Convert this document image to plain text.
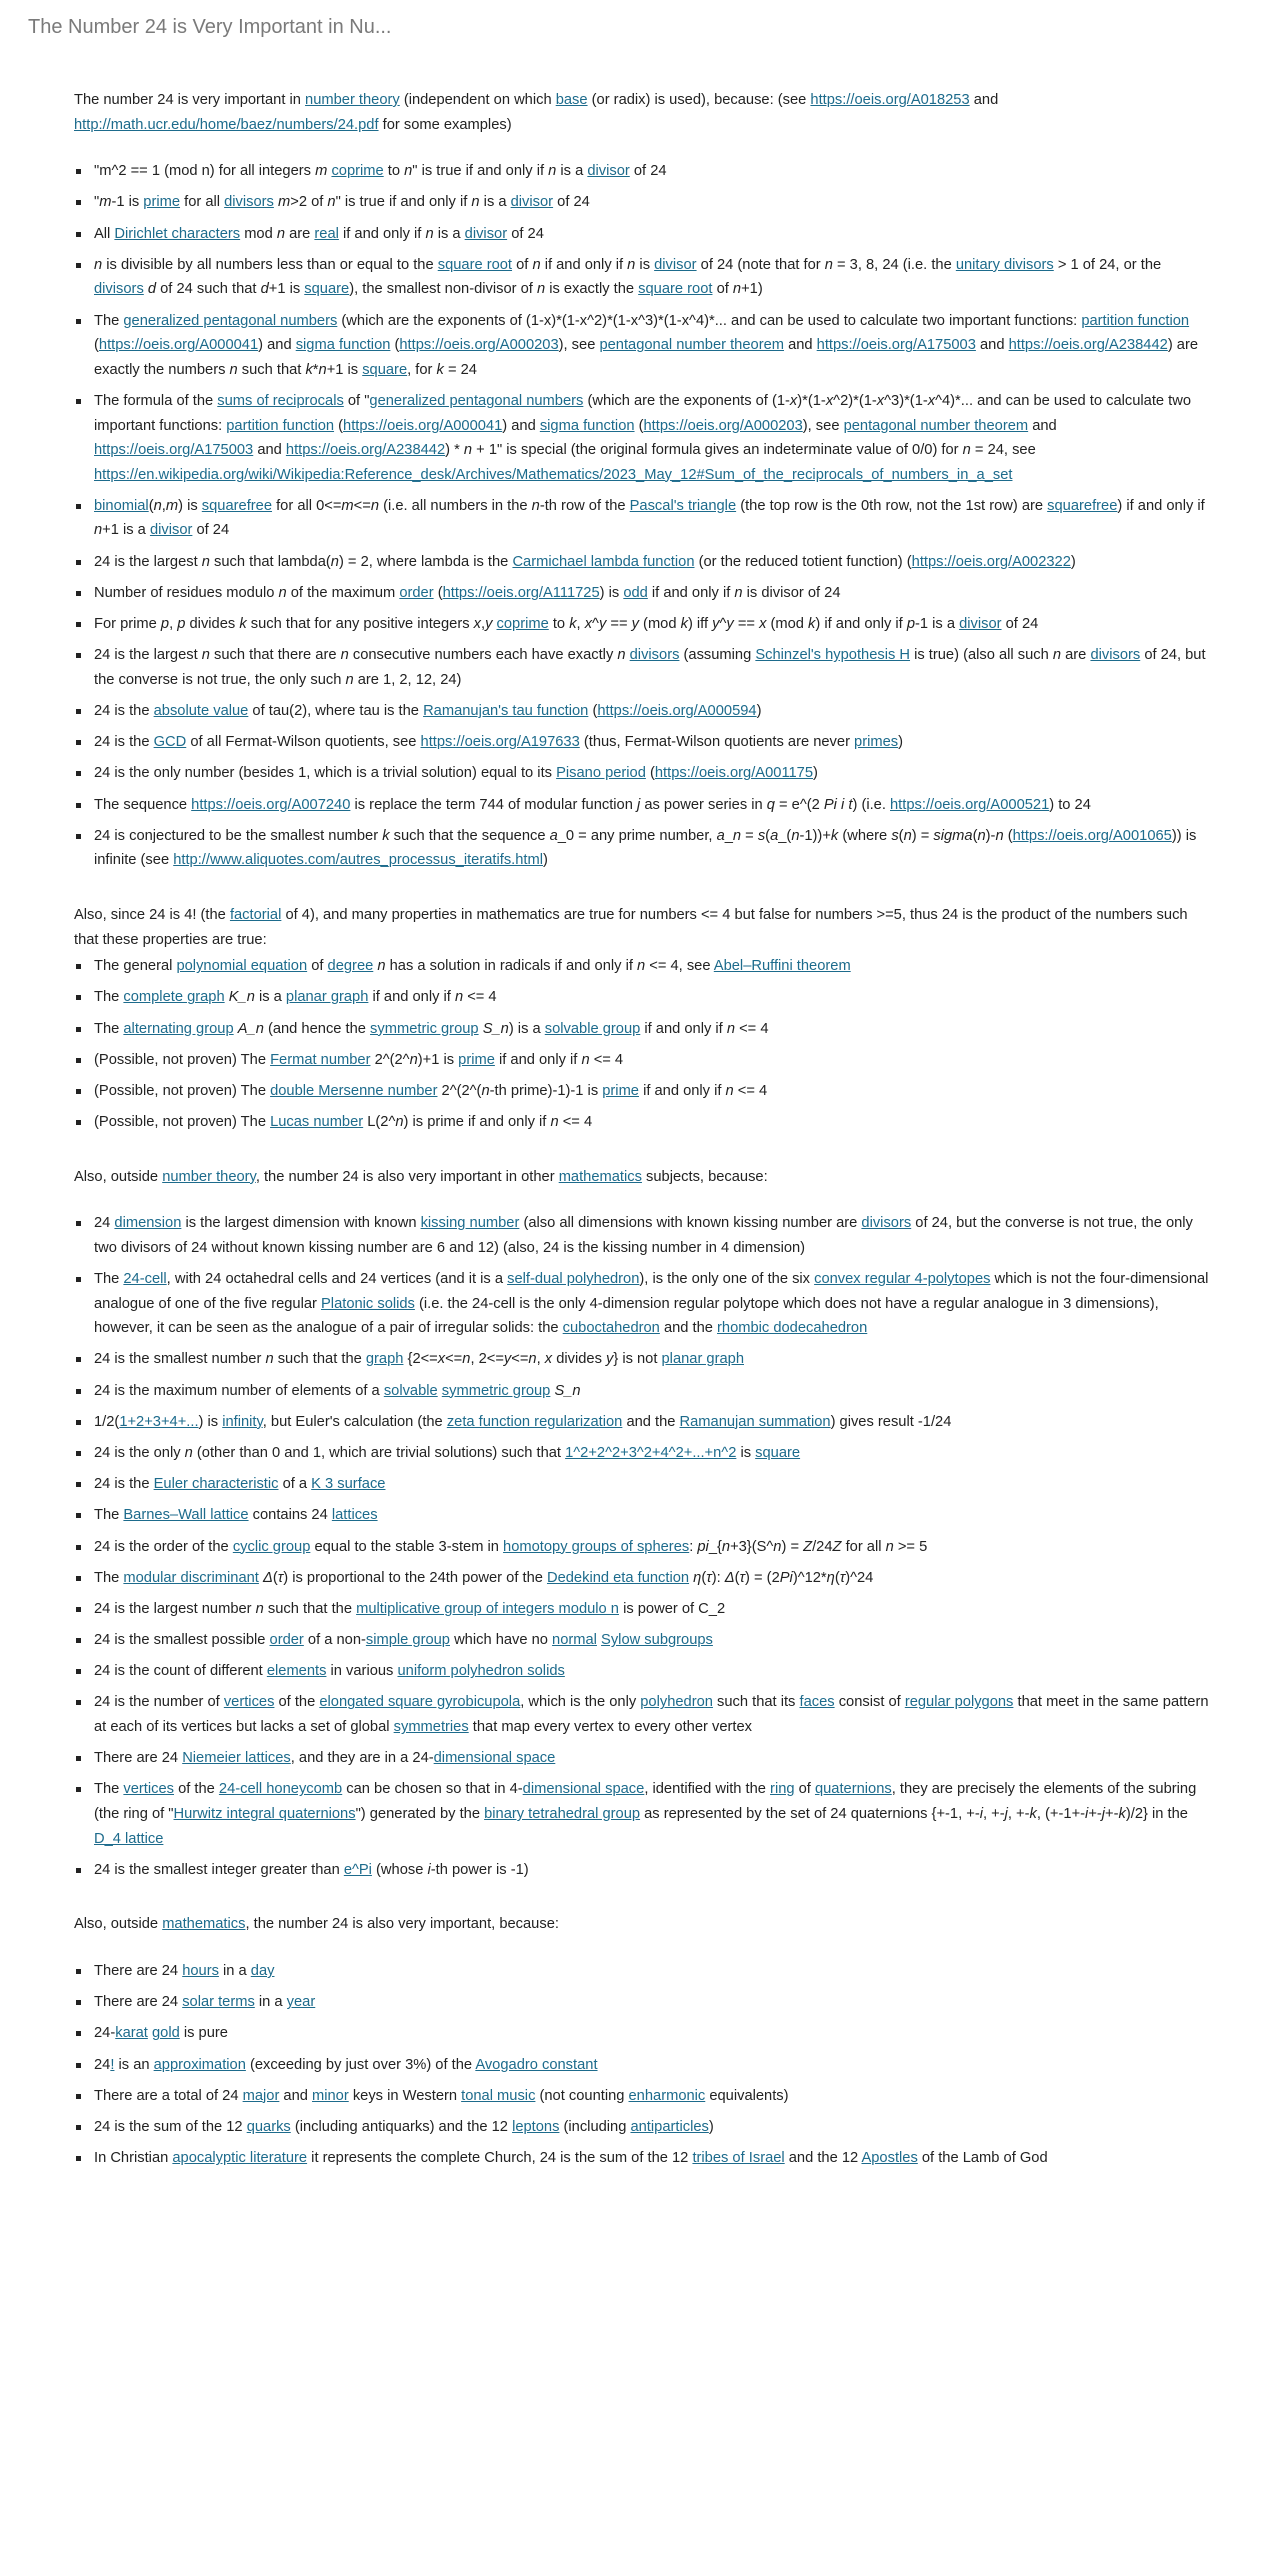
The Number 24 is Very Important in Nu...

The number 24 is very important in number theory (independent on which base (or radix) is used), because: (see https://oeis.org/A018253 and http://math.ucr.edu/home/baez/numbers/24.pdf for some examples)

"m^2 == 1 (mod n) for all integers m coprime to n" is true if and only if n is a divisor of 24
"m-1 is prime for all divisors m>2 of n" is true if and only if n is a divisor of 24
All Dirichlet characters mod n are real if and only if n is a divisor of 24
n is divisible by all numbers less than or equal to the square root of n if and only if n is divisor of 24 (note that for n = 3, 8, 24 (i.e. the unitary divisors > 1 of 24, or the divisors d of 24 such that d+1 is square), the smallest non-divisor of n is exactly the square root of n+1)
The generalized pentagonal numbers (which are the exponents of (1-x)*(1-x^2)*(1-x^3)*(1-x^4)*... and can be used to calculate two important functions: partition function (https://oeis.org/A000041) and sigma function (https://oeis.org/A000203), see pentagonal number theorem and https://oeis.org/A175003 and https://oeis.org/A238442) are exactly the numbers n such that k*n+1 is square, for k = 24
The formula of the sums of reciprocals of "generalized pentagonal numbers (which are the exponents of (1-x)*(1-x^2)*(1-x^3)*(1-x^4)*... and can be used to calculate two important functions: partition function (https://oeis.org/A000041) and sigma function (https://oeis.org/A000203), see pentagonal number theorem and https://oeis.org/A175003 and https://oeis.org/A238442) * n + 1" is special (the original formula gives an indeterminate value of 0/0) for n = 24, see https://en.wikipedia.org/wiki/Wikipedia:Reference_desk/Archives/Mathematics/2023_May_12#Sum_of_the_reciprocals_of_numbers_in_a_set
binomial(n,m) is squarefree for all 0<=m<=n (i.e. all numbers in the n-th row of the Pascal's triangle (the top row is the 0th row, not the 1st row) are squarefree) if and only if n+1 is a divisor of 24
24 is the largest n such that lambda(n) = 2, where lambda is the Carmichael lambda function (or the reduced totient function) (https://oeis.org/A002322)
Number of residues modulo n of the maximum order (https://oeis.org/A111725) is odd if and only if n is divisor of 24
For prime p, p divides k such that for any positive integers x,y coprime to k, x^y == y (mod k) iff y^y == x (mod k) if and only if p-1 is a divisor of 24
24 is the largest n such that there are n consecutive numbers each have exactly n divisors (assuming Schinzel's hypothesis H is true) (also all such n are divisors of 24, but the converse is not true, the only such n are 1, 2, 12, 24)
24 is the absolute value of tau(2), where tau is the Ramanujan's tau function (https://oeis.org/A000594)
24 is the GCD of all Fermat-Wilson quotients, see https://oeis.org/A197633 (thus, Fermat-Wilson quotients are never primes)
24 is the only number (besides 1, which is a trivial solution) equal to its Pisano period (https://oeis.org/A001175)
The sequence https://oeis.org/A007240 is replace the term 744 of modular function j as power series in q = e^(2 Pi i t) (i.e. https://oeis.org/A000521) to 24
24 is conjectured to be the smallest number k such that the sequence a_0 = any prime number, a_n = s(a_(n-1))+k (where s(n) = sigma(n)-n (https://oeis.org/A001065)) is infinite (see http://www.aliquotes.com/autres_processus_iteratifs.html)

Also, since 24 is 4! (the factorial of 4), and many properties in mathematics are true for numbers <= 4 but false for numbers >=5, thus 24 is the product of the numbers such that these properties are true:

The general polynomial equation of degree n has a solution in radicals if and only if n <= 4, see Abel–Ruffini theorem
The complete graph K_n is a planar graph if and only if n <= 4
The alternating group A_n (and hence the symmetric group S_n) is a solvable group if and only if n <= 4
(Possible, not proven) The Fermat number 2^(2^n)+1 is prime if and only if n <= 4
(Possible, not proven) The double Mersenne number 2^(2^(n-th prime)-1)-1 is prime if and only if n <= 4
(Possible, not proven) The Lucas number L(2^n) is prime if and only if n <= 4

Also, outside number theory, the number 24 is also very important in other mathematics subjects, because:

24 dimension is the largest dimension with known kissing number (also all dimensions with known kissing number are divisors of 24, but the converse is not true, the only two divisors of 24 without known kissing number are 6 and 12) (also, 24 is the kissing number in 4 dimension)
The 24-cell, with 24 octahedral cells and 24 vertices (and it is a self-dual polyhedron), is the only one of the six convex regular 4-polytopes which is not the four-dimensional analogue of one of the five regular Platonic solids (i.e. the 24-cell is the only 4-dimension regular polytope which does not have a regular analogue in 3 dimensions), however, it can be seen as the analogue of a pair of irregular solids: the cuboctahedron and the rhombic dodecahedron
24 is the smallest number n such that the graph {2<=x<=n, 2<=y<=n, x divides y} is not planar graph
24 is the maximum number of elements of a solvable symmetric group S_n
1/2(1+2+3+4+...) is infinity, but Euler's calculation (the zeta function regularization and the Ramanujan summation) gives result -1/24
24 is the only n (other than 0 and 1, which are trivial solutions) such that 1^2+2^2+3^2+4^2+...+n^2 is square
24 is the Euler characteristic of a K 3 surface
The Barnes–Wall lattice contains 24 lattices
24 is the order of the cyclic group equal to the stable 3-stem in homotopy groups of spheres: pi_{n+3}(S^n) = Z/24Z for all n >= 5
The modular discriminant Δ(τ) is proportional to the 24th power of the Dedekind eta function η(τ): Δ(τ) = (2Pi)^12*η(τ)^24
24 is the largest number n such that the multiplicative group of integers modulo n is power of C_2
24 is the smallest possible order of a non-simple group which have no normal Sylow subgroups
24 is the count of different elements in various uniform polyhedron solids
24 is the number of vertices of the elongated square gyrobicupola, which is the only polyhedron such that its faces consist of regular polygons that meet in the same pattern at each of its vertices but lacks a set of global symmetries that map every vertex to every other vertex
There are 24 Niemeier lattices, and they are in a 24-dimensional space
The vertices of the 24-cell honeycomb can be chosen so that in 4-dimensional space, identified with the ring of quaternions, they are precisely the elements of the subring (the ring of "Hurwitz integral quaternions") generated by the binary tetrahedral group as represented by the set of 24 quaternions {+-1, +-i, +-j, +-k, (+-1+-i+-j+-k)/2} in the D_4 lattice
24 is the smallest integer greater than e^Pi (whose i-th power is -1)

Also, outside mathematics, the number 24 is also very important, because:

There are 24 hours in a day
There are 24 solar terms in a year
24-karat gold is pure
24! is an approximation (exceeding by just over 3%) of the Avogadro constant
There are a total of 24 major and minor keys in Western tonal music (not counting enharmonic equivalents)
24 is the sum of the 12 quarks (including antiquarks) and the 12 leptons (including antiparticles)
In Christian apocalyptic literature it represents the complete Church, 24 is the sum of the 12 tribes of Israel and the 12 Apostles of the Lamb of God
